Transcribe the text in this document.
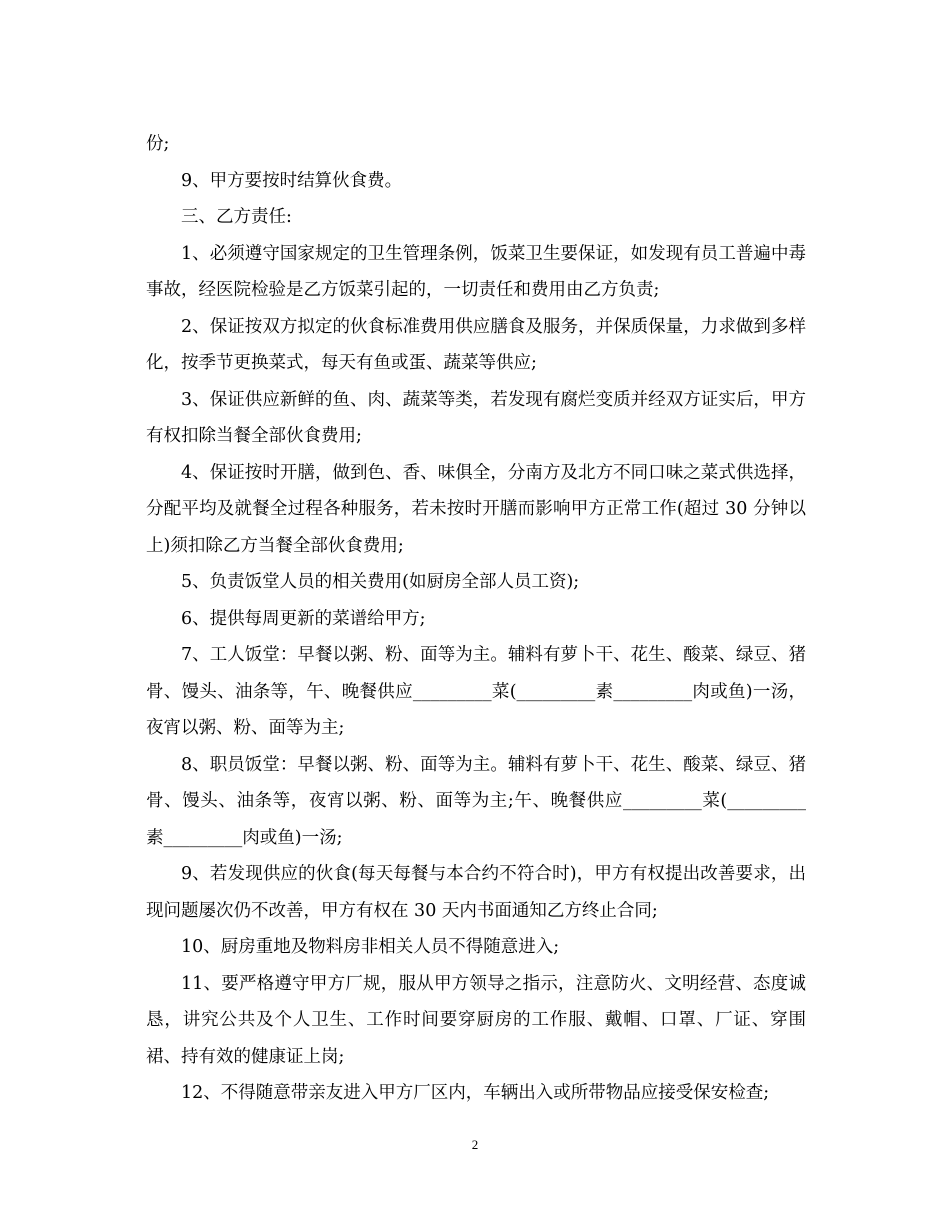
份;

9、甲方要按时结算伙食费。

三、乙方责任:

1、必须遵守国家规定的卫生管理条例，饭菜卫生要保证，如发现有员工普遍中毒事故，经医院检验是乙方饭菜引起的，一切责任和费用由乙方负责;

2、保证按双方拟定的伙食标准费用供应膳食及服务，并保质保量，力求做到多样化，按季节更换菜式，每天有鱼或蛋、蔬菜等供应;

3、保证供应新鲜的鱼、肉、蔬菜等类，若发现有腐烂变质并经双方证实后，甲方有权扣除当餐全部伙食费用;

4、保证按时开膳，做到色、香、味俱全，分南方及北方不同口味之菜式供选择，分配平均及就餐全过程各种服务，若未按时开膳而影响甲方正常工作(超过 30 分钟以上)须扣除乙方当餐全部伙食费用;

5、负责饭堂人员的相关费用(如厨房全部人员工资);

6、提供每周更新的菜谱给甲方;

7、工人饭堂：早餐以粥、粉、面等为主。辅料有萝卜干、花生、酸菜、绿豆、猪骨、馒头、油条等，午、晚餐供应_________菜(_________素_________肉或鱼)一汤，夜宵以粥、粉、面等为主;

8、职员饭堂：早餐以粥、粉、面等为主。辅料有萝卜干、花生、酸菜、绿豆、猪骨、馒头、油条等，夜宵以粥、粉、面等为主;午、晚餐供应_________菜(_________素_________肉或鱼)一汤;

9、若发现供应的伙食(每天每餐与本合约不符合时)，甲方有权提出改善要求，出现问题屡次仍不改善，甲方有权在 30 天内书面通知乙方终止合同;

10、厨房重地及物料房非相关人员不得随意进入;

11、要严格遵守甲方厂规，服从甲方领导之指示，注意防火、文明经营、态度诚恳，讲究公共及个人卫生、工作时间要穿厨房的工作服、戴帽、口罩、厂证、穿围裙、持有效的健康证上岗;

12、不得随意带亲友进入甲方厂区内，车辆出入或所带物品应接受保安检查;

2
